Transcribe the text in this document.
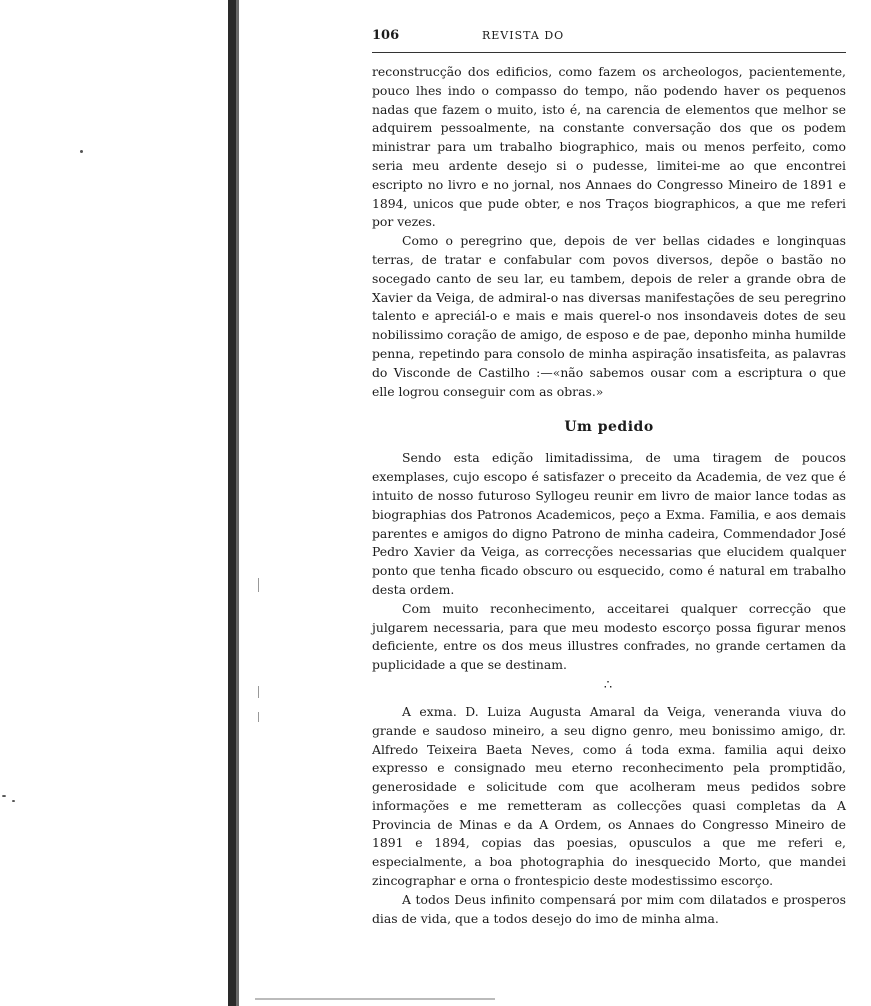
106	REVISTA DO

reconstrucção dos edificios, como fazem os archeologos, pacientemente, pouco lhes indo o compasso do tempo, não podendo haver os pequenos nadas que fazem o muito, isto é, na carencia de elementos que melhor se adquirem pessoalmente, na constante conversação dos que os podem ministrar para um trabalho biographico, mais ou menos perfeito, como seria meu ardente desejo si o pudesse, limitei-me ao que encontrei escripto no livro e no jornal, nos Annaes do Congresso Mineiro de 1891 e 1894, unicos que pude obter, e nos Traços biographicos, a que me referi por vezes.

Como o peregrino que, depois de ver bellas cidades e longinquas terras, de tratar e confabular com povos diversos, depõe o bastão no socegado canto de seu lar, eu tambem, depois de reler a grande obra de Xavier da Veiga, de admiral-o nas diversas manifestações de seu peregrino talento e apreciál-o e mais e mais querel-o nos insondaveis dotes de seu nobilissimo coração de amigo, de esposo e de pae, deponho minha humilde penna, repetindo para consolo de minha aspiração insatisfeita, as palavras do Visconde de Castilho :—«não sabemos ousar com a escriptura o que elle logrou conseguir com as obras.»

Um pedido

Sendo esta edição limitadissima, de uma tiragem de poucos exemplases, cujo escopo é satisfazer o preceito da Academia, de vez que é intuito de nosso futuroso Syllogeu reunir em livro de maior lance todas as biographias dos Patronos Academicos, peço a Exma. Familia, e aos demais parentes e amigos do digno Patrono de minha cadeira, Commendador José Pedro Xavier da Veiga, as correcções necessarias que elucidem qualquer ponto que tenha ficado obscuro ou esquecido, como é natural em trabalho desta ordem.

Com muito reconhecimento, acceitarei qualquer correcção que julgarem necessaria, para que meu modesto escorço possa figurar menos deficiente, entre os dos meus illustres confrades, no grande certamen da puplicidade a que se destinam.

∴

A exma. D. Luiza Augusta Amaral da Veiga, veneranda viuva do grande e saudoso mineiro, a seu digno genro, meu bonissimo amigo, dr. Alfredo Teixeira Baeta Neves, como á toda exma. familia aqui deixo expresso e consignado meu eterno reconhecimento pela promptidão, generosidade e solicitude com que acolheram meus pedidos sobre informações e me remetteram as collecções quasi completas da A Provincia de Minas e da A Ordem, os Annaes do Congresso Mineiro de 1891 e 1894, copias das poesias, opusculos a que me referi e, especialmente, a boa photographia do inesquecido Morto, que mandei zincographar e orna o frontespicio deste modestissimo escorço.

A todos Deus infinito compensará por mim com dilatados e prosperos dias de vida, que a todos desejo do imo de minha alma.
